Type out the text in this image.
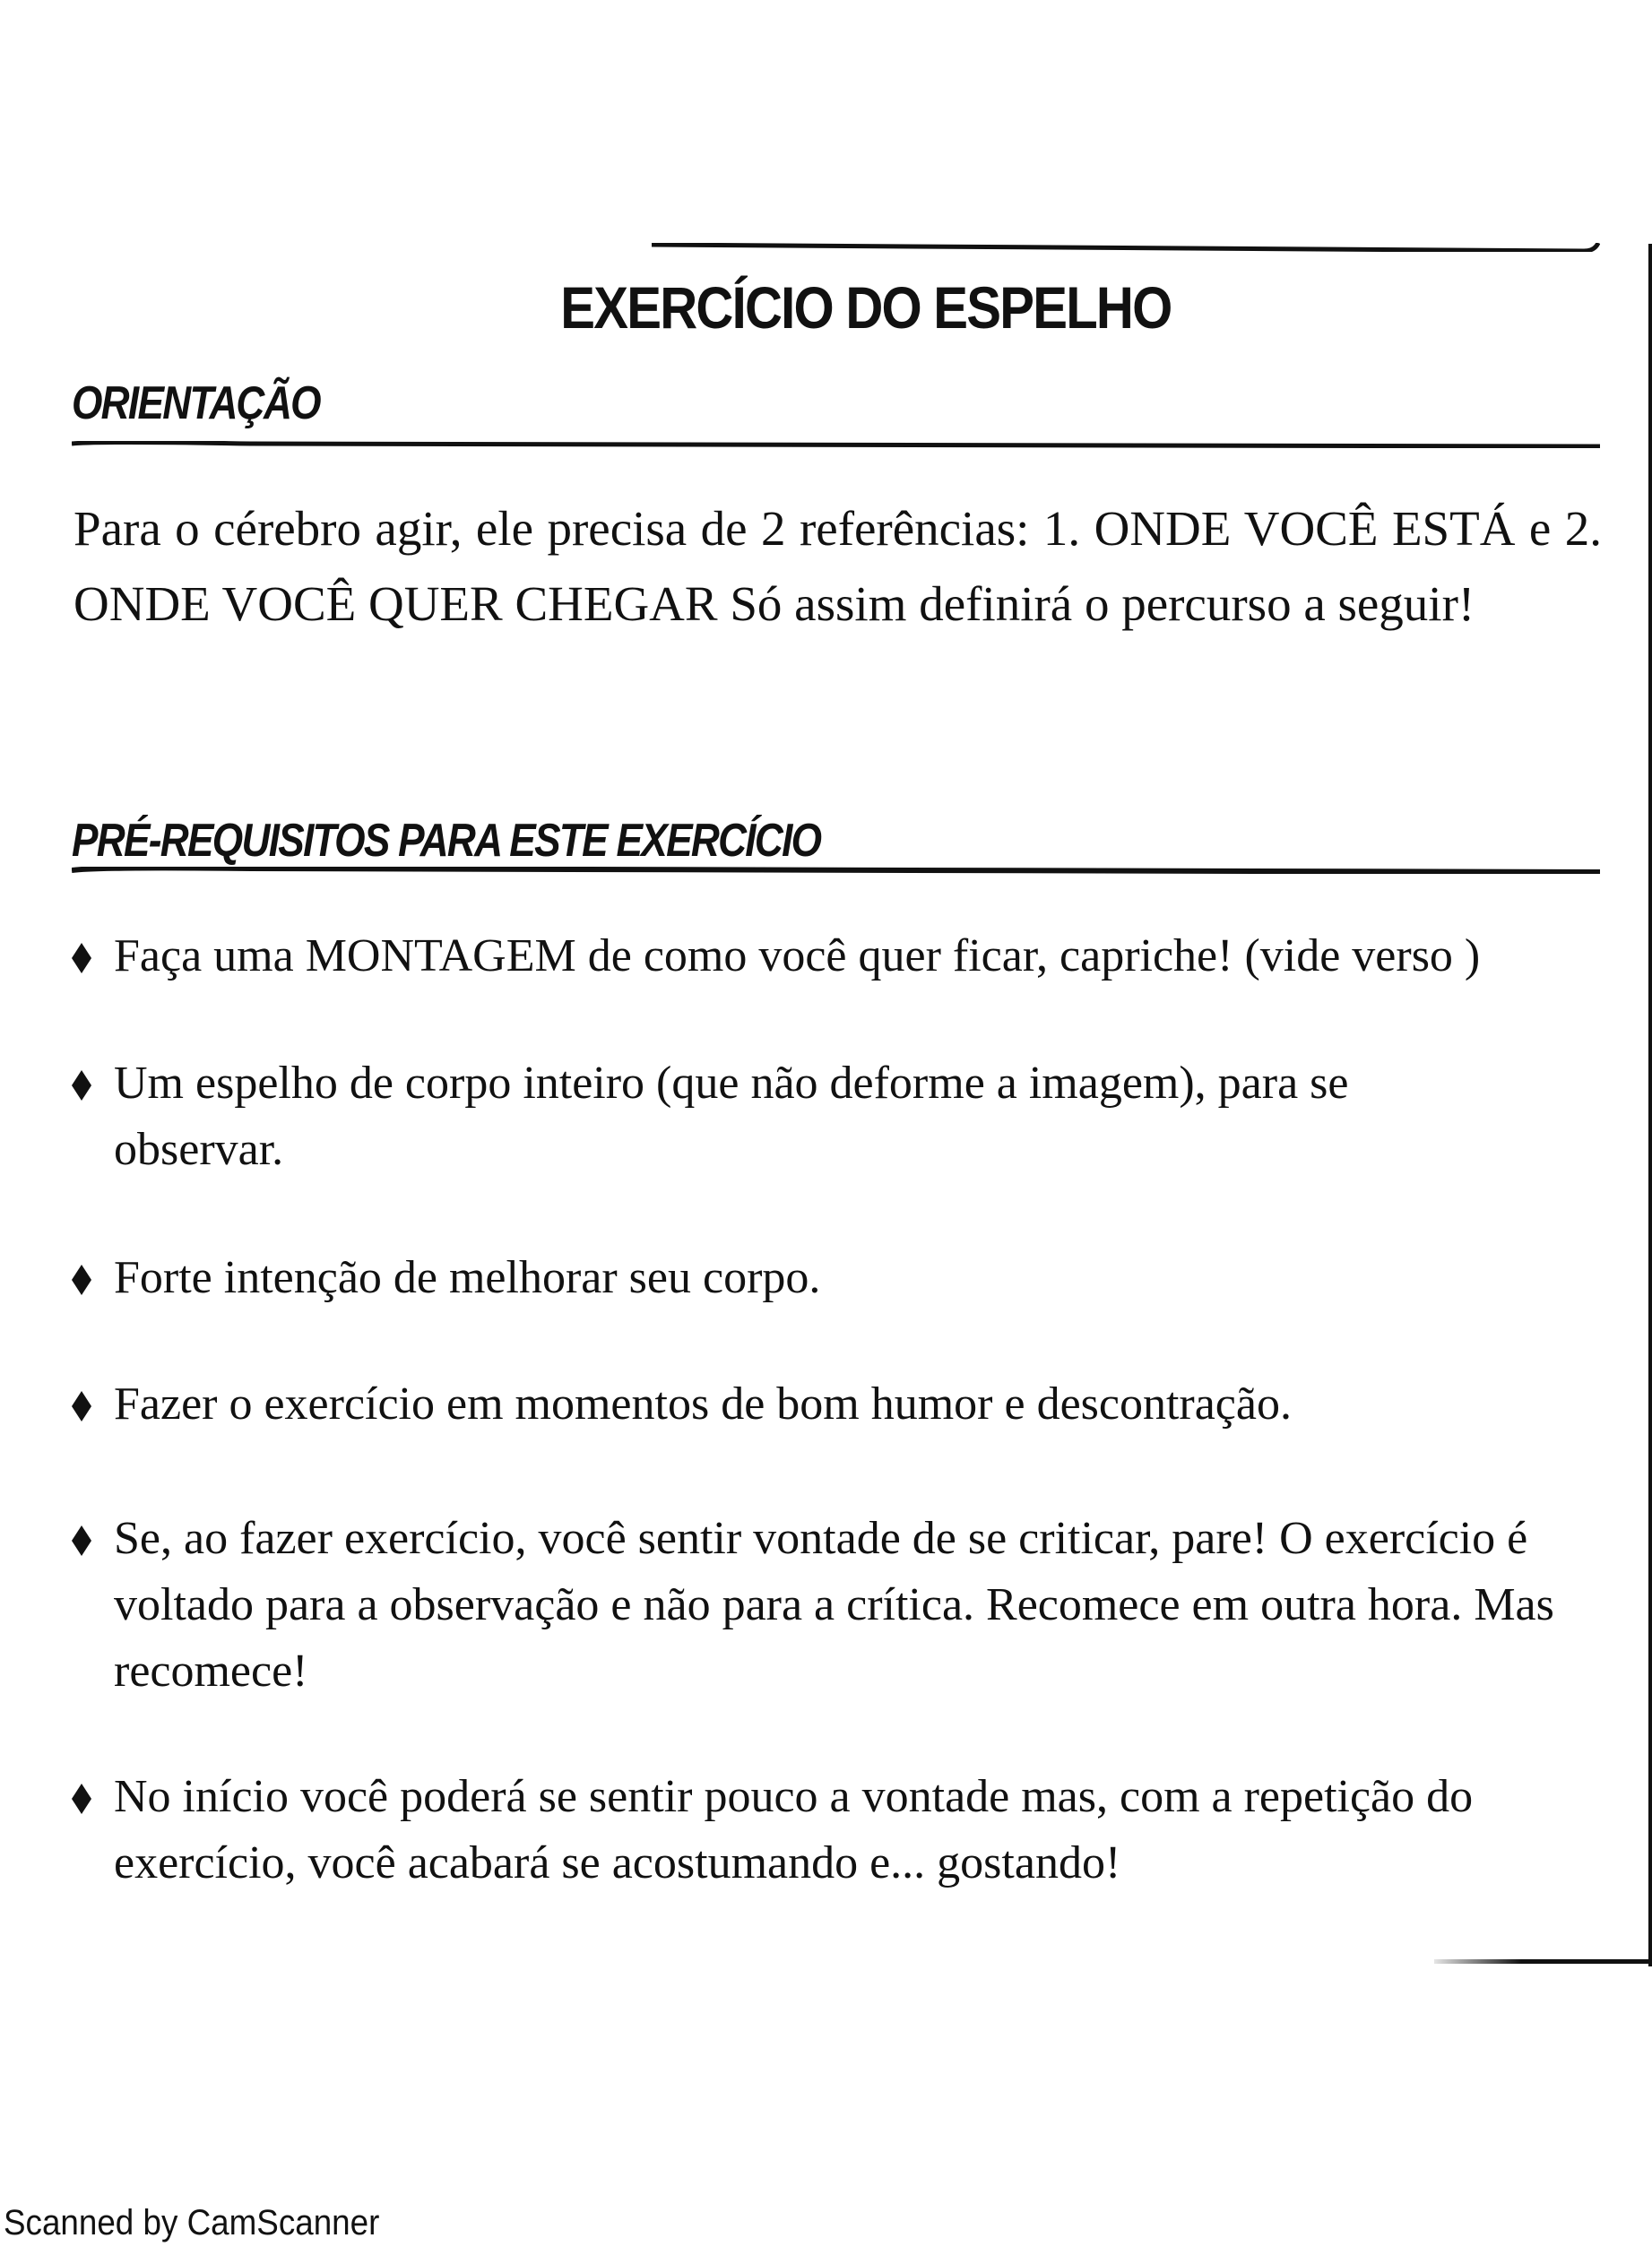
EXERCÍCIO DO ESPELHO
ORIENTAÇÃO
Para o cérebro agir, ele precisa de 2 referências: 1. ONDE VOCÊ ESTÁ e 2. ONDE VOCÊ QUER CHEGAR Só assim definirá o percurso a seguir!
PRÉ-REQUISITOS PARA ESTE EXERCÍCIO
Faça uma MONTAGEM de como você quer ficar, capriche! (vide verso )
Um espelho de corpo inteiro (que não deforme a imagem), para se observar.
Forte intenção de melhorar seu corpo.
Fazer o exercício em momentos de bom humor e descontração.
Se, ao fazer exercício, você sentir vontade de se criticar, pare! O exercício é voltado para a observação e não para a crítica. Recomece em outra hora. Mas recomece!
No início você poderá se sentir pouco a vontade mas, com a repetição do exercício, você acabará se acostumando e... gostando!
Scanned by CamScanner
